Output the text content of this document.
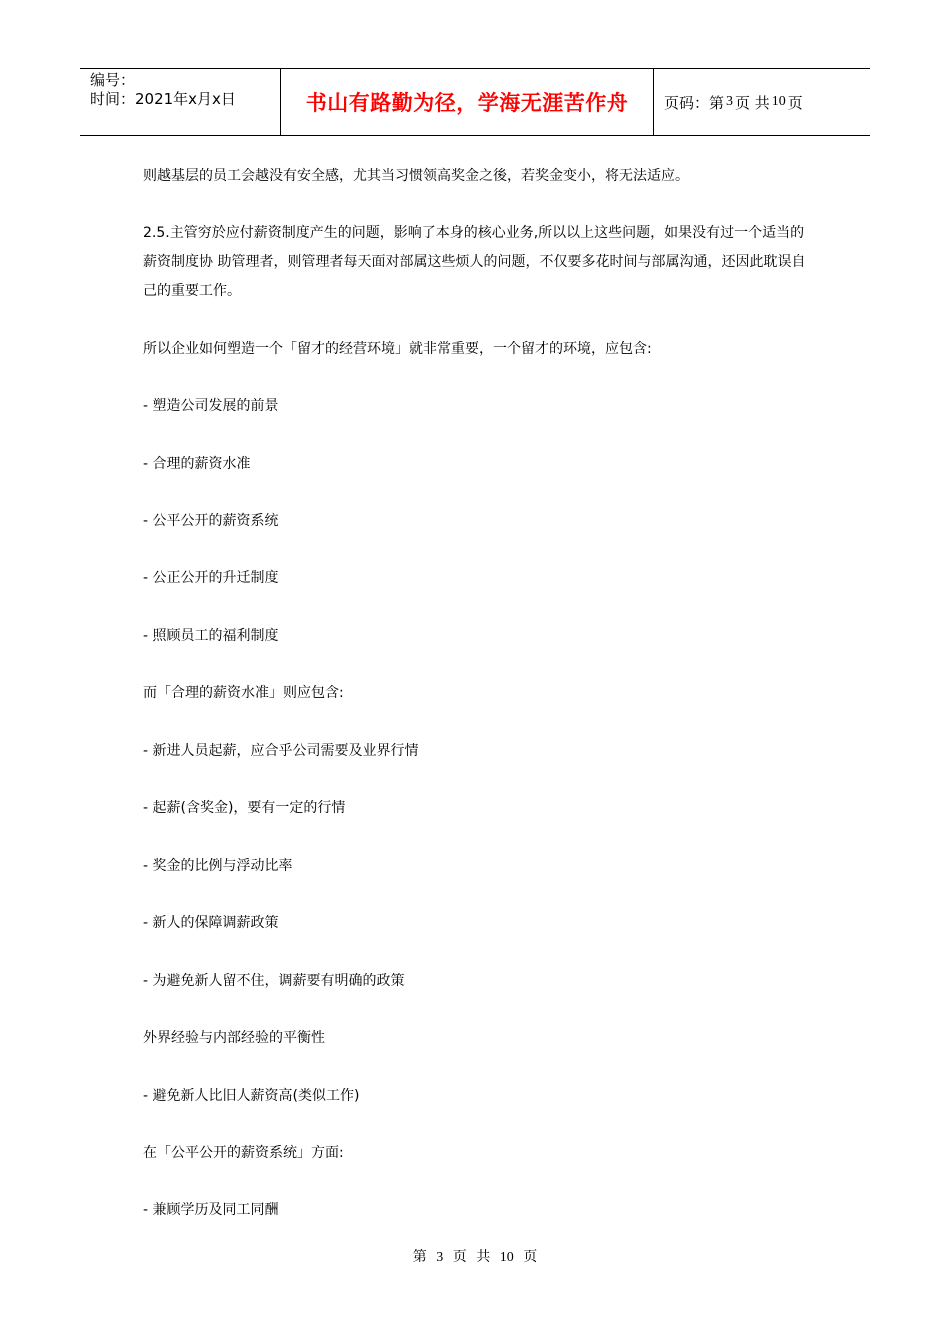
编号：
时间：2021年x月x日	书山有路勤为径，学海无涯苦作舟	页码：第 3 页 共 10 页
则越基层的员工会越没有安全感，尤其当习惯领高奖金之後，若奖金变小，将无法适应。
2.5.主管穷於应付薪资制度产生的问题，影响了本身的核心业务,所以以上这些问题，如果没有过一个适当的薪资制度协 助管理者，则管理者每天面对部属这些烦人的问题，不仅要多花时间与部属沟通，还因此耽误自己的重要工作。
所以企业如何塑造一个「留才的经营环境」就非常重要，一个留才的环境，应包含:
- 塑造公司发展的前景
- 合理的薪资水准
- 公平公开的薪资系统
- 公正公开的升迁制度
- 照顾员工的福利制度
而「合理的薪资水准」则应包含:
- 新进人员起薪，应合乎公司需要及业界行情
- 起薪(含奖金)，要有一定的行情
- 奖金的比例与浮动比率
- 新人的保障调薪政策
- 为避免新人留不住，调薪要有明确的政策
外界经验与内部经验的平衡性
- 避免新人比旧人薪资高(类似工作)
在「公平公开的薪资系统」方面:
- 兼顾学历及同工同酬
第 3 页 共 10 页
